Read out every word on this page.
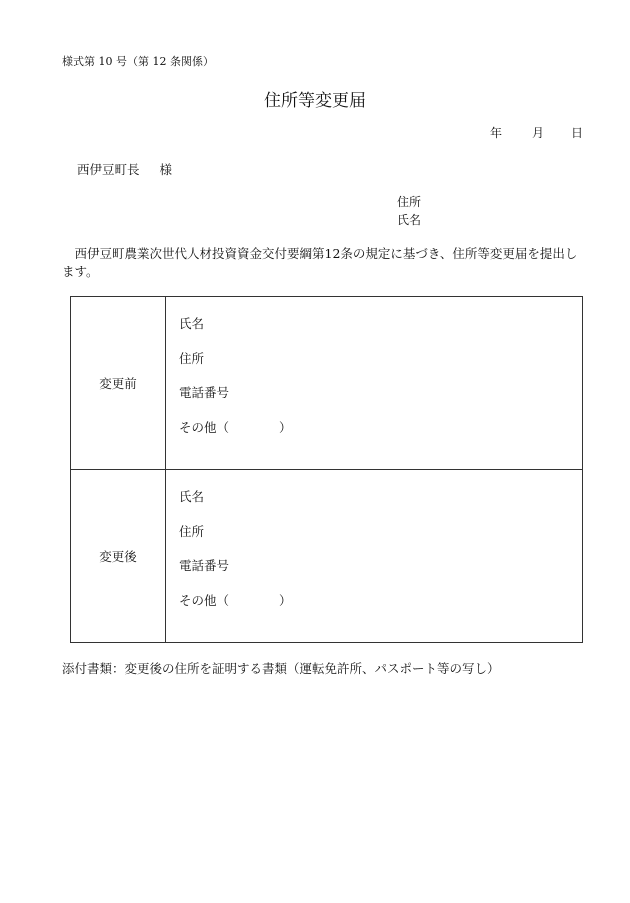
様式第 10 号（第 12 条関係）
住所等変更届
年 月 日
西伊豆町長 様
住所
氏名
西伊豆町農業次世代人材投資資金交付要綱第12条の規定に基づき、住所等変更届を提出します。
変更前	氏名
住所
電話番号
その他（ ）

変更後	氏名
住所
電話番号
その他（ ）
添付書類：変更後の住所を証明する書類（運転免許所、パスポート等の写し）
